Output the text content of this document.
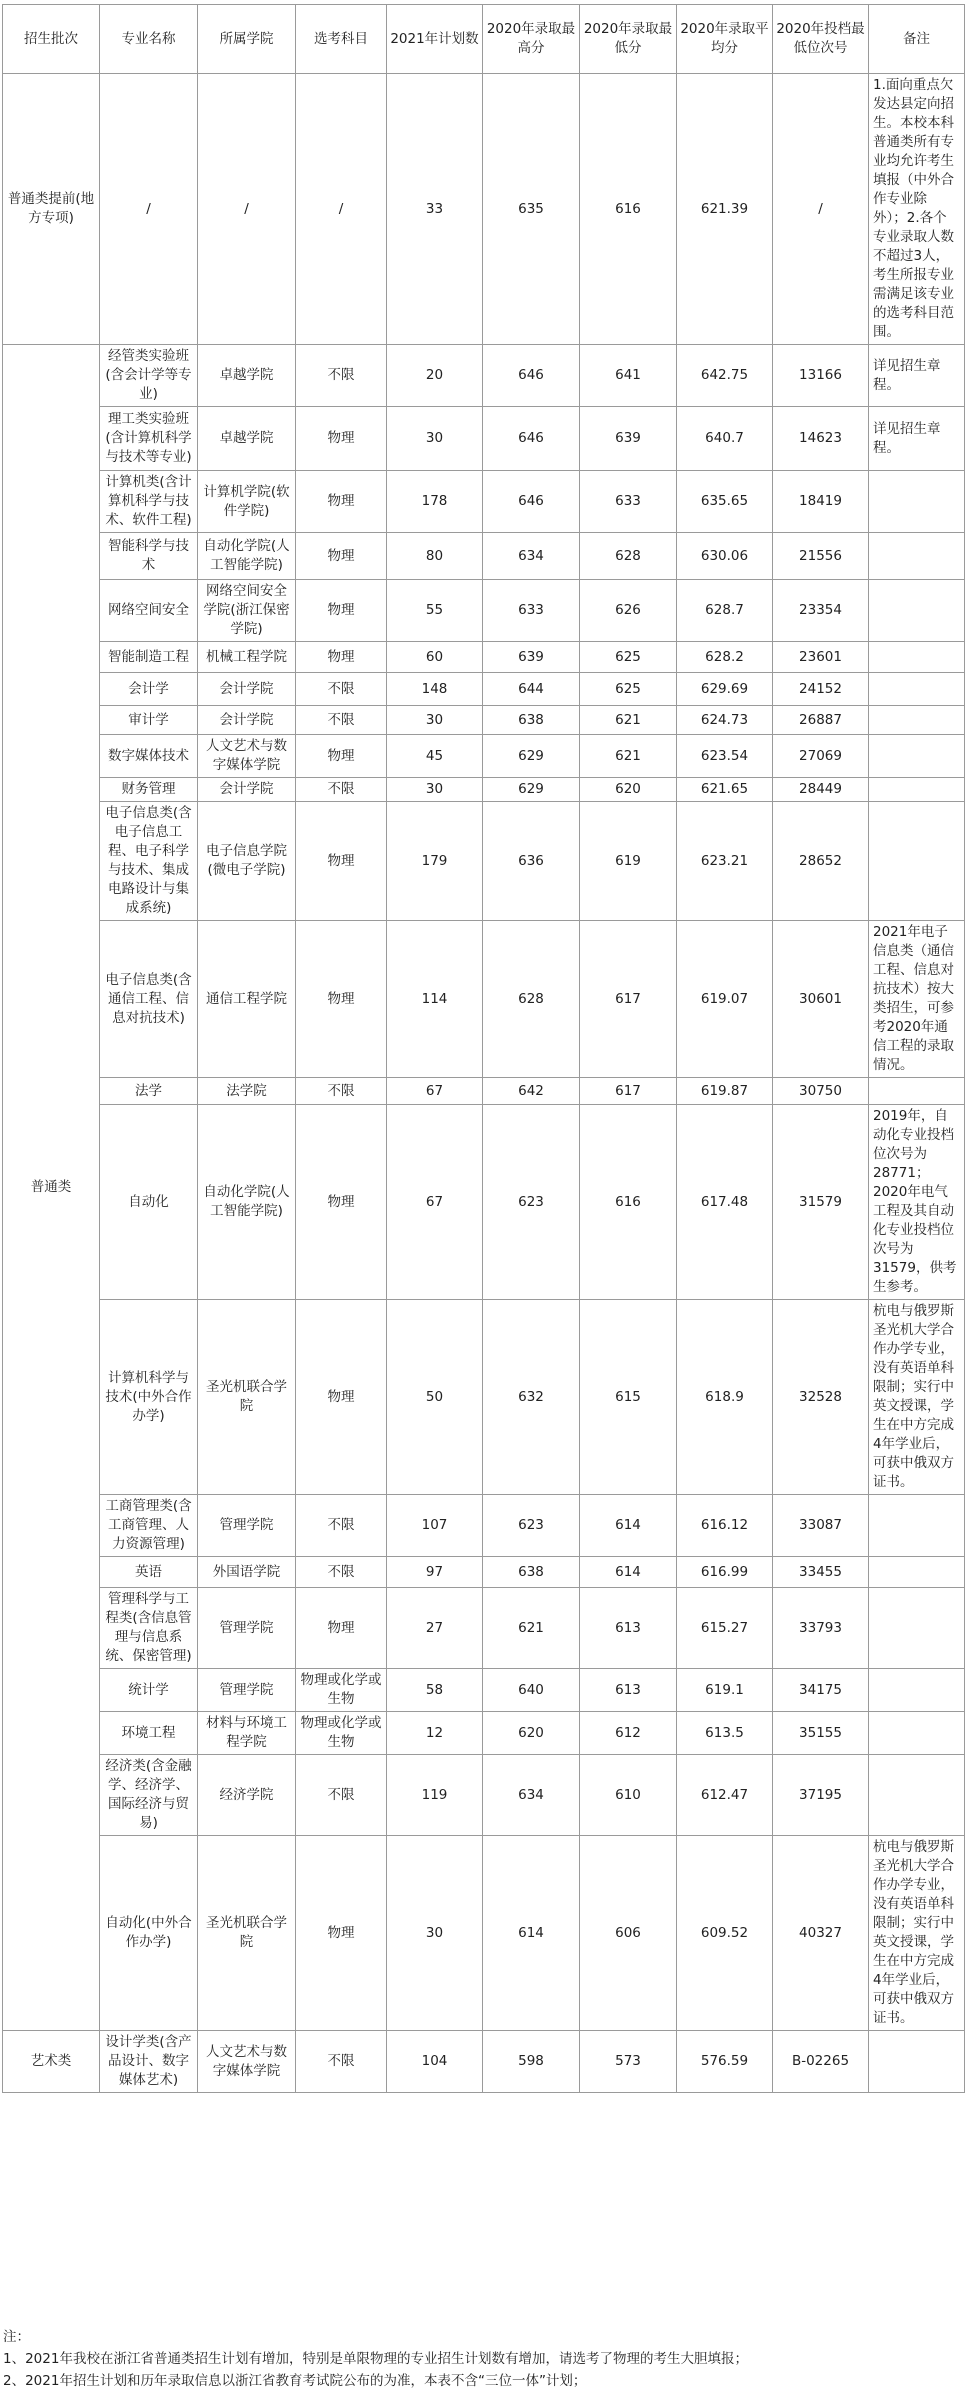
招生批次	专业名称	所属学院	选考科目	2021年计划数	2020年录取最高分	2020年录取最低分	2020年录取平均分	2020年投档最低位次号	备注
普通类提前(地方专项)	/	/	/	33	635	616	621.39	/	1.面向重点欠发达县定向招生。本校本科普通类所有专业均允许考生填报（中外合作专业除外）；2.各个专业录取人数不超过3人，考生所报专业需满足该专业的选考科目范围。
普通类	经管类实验班(含会计学等专业)	卓越学院	不限	20	646	641	642.75	13166	详见招生章程。
	理工类实验班(含计算机科学与技术等专业)	卓越学院	物理	30	646	639	640.7	14623	详见招生章程。
	计算机类(含计算机科学与技术、软件工程)	计算机学院(软件学院)	物理	178	646	633	635.65	18419	
	智能科学与技术	自动化学院(人工智能学院)	物理	80	634	628	630.06	21556	
	网络空间安全	网络空间安全学院(浙江保密学院)	物理	55	633	626	628.7	23354	
	智能制造工程	机械工程学院	物理	60	639	625	628.2	23601	
	会计学	会计学院	不限	148	644	625	629.69	24152	
	审计学	会计学院	不限	30	638	621	624.73	26887	
	数字媒体技术	人文艺术与数字媒体学院	物理	45	629	621	623.54	27069	
	财务管理	会计学院	不限	30	629	620	621.65	28449	
	电子信息类(含电子信息工程、电子科学与技术、集成电路设计与集成系统)	电子信息学院(微电子学院)	物理	179	636	619	623.21	28652	
	电子信息类(含通信工程、信息对抗技术)	通信工程学院	物理	114	628	617	619.07	30601	2021年电子信息类（通信工程、信息对抗技术）按大类招生，可参考2020年通信工程的录取情况。
	法学	法学院	不限	67	642	617	619.87	30750	
	自动化	自动化学院(人工智能学院)	物理	67	623	616	617.48	31579	2019年，自动化专业投档位次号为28771；2020年电气工程及其自动化专业投档位次号为31579，供考生参考。
	计算机科学与技术(中外合作办学)	圣光机联合学院	物理	50	632	615	618.9	32528	杭电与俄罗斯圣光机大学合作办学专业，没有英语单科限制；实行中英文授课，学生在中方完成4年学业后，可获中俄双方证书。
	工商管理类(含工商管理、人力资源管理)	管理学院	不限	107	623	614	616.12	33087	
	英语	外国语学院	不限	97	638	614	616.99	33455	
	管理科学与工程类(含信息管理与信息系统、保密管理)	管理学院	物理	27	621	613	615.27	33793	
	统计学	管理学院	物理或化学或生物	58	640	613	619.1	34175	
	环境工程	材料与环境工程学院	物理或化学或生物	12	620	612	613.5	35155	
	经济类(含金融学、经济学、国际经济与贸易)	经济学院	不限	119	634	610	612.47	37195	
	自动化(中外合作办学)	圣光机联合学院	物理	30	614	606	609.52	40327	杭电与俄罗斯圣光机大学合作办学专业，没有英语单科限制；实行中英文授课，学生在中方完成4年学业后，可获中俄双方证书。
艺术类	设计学类(含产品设计、数字媒体艺术)	人文艺术与数字媒体学院	不限	104	598	573	576.59	B-02265	

注：

1、2021年我校在浙江省普通类招生计划有增加，特别是单限物理的专业招生计划数有增加，请选考了物理的考生大胆填报；

2、2021年招生计划和历年录取信息以浙江省教育考试院公布的为准，本表不含“三位一体”计划；
